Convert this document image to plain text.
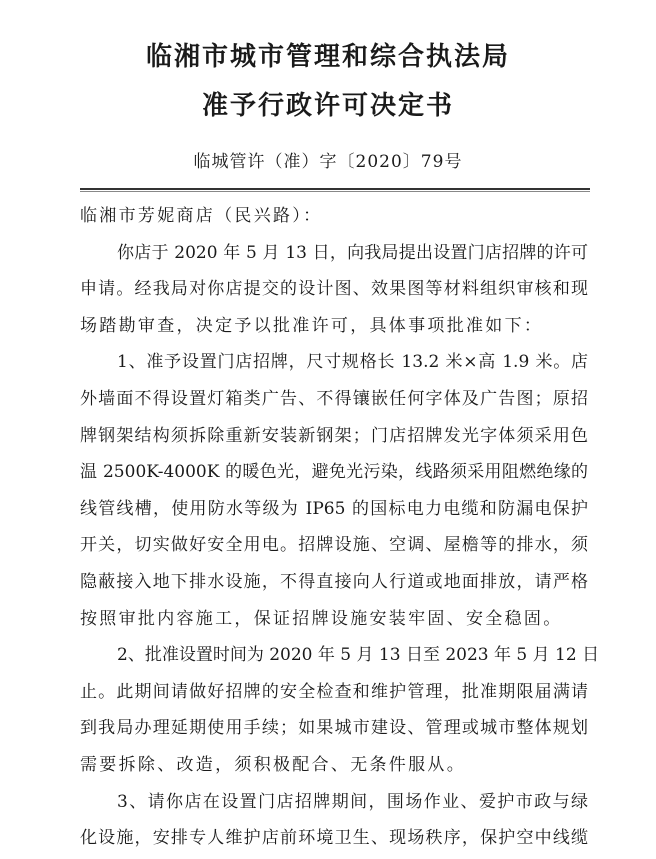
临湘市城市管理和综合执法局
准予行政许可决定书
临城管许（准）字〔2020〕79号
临湘市芳妮商店（民兴路）：
你店于 2020 年 5 月 13 日，向我局提出设置门店招牌的许可
申请。经我局对你店提交的设计图、效果图等材料组织审核和现
场踏勘审查，决定予以批准许可，具体事项批准如下：
1、准予设置门店招牌，尺寸规格长 13.2 米×高 1.9 米。店
外墙面不得设置灯箱类广告、不得镶嵌任何字体及广告图；原招
牌钢架结构须拆除重新安装新钢架；门店招牌发光字体须采用色
温 2500K-4000K 的暖色光，避免光污染，线路须采用阻燃绝缘的
线管线槽，使用防水等级为 IP65 的国标电力电缆和防漏电保护
开关，切实做好安全用电。招牌设施、空调、屋檐等的排水，须
隐蔽接入地下排水设施，不得直接向人行道或地面排放，请严格
按照审批内容施工，保证招牌设施安装牢固、安全稳固。
2、批准设置时间为 2020 年 5 月 13 日至 2023 年 5 月 12 日
止。此期间请做好招牌的安全检查和维护管理，批准期限届满请
到我局办理延期使用手续；如果城市建设、管理或城市整体规划
需要拆除、改造，须积极配合、无条件服从。
3、请你店在设置门店招牌期间，围场作业、爱护市政与绿
化设施，安排专人维护店前环境卫生、现场秩序，保护空中线缆
